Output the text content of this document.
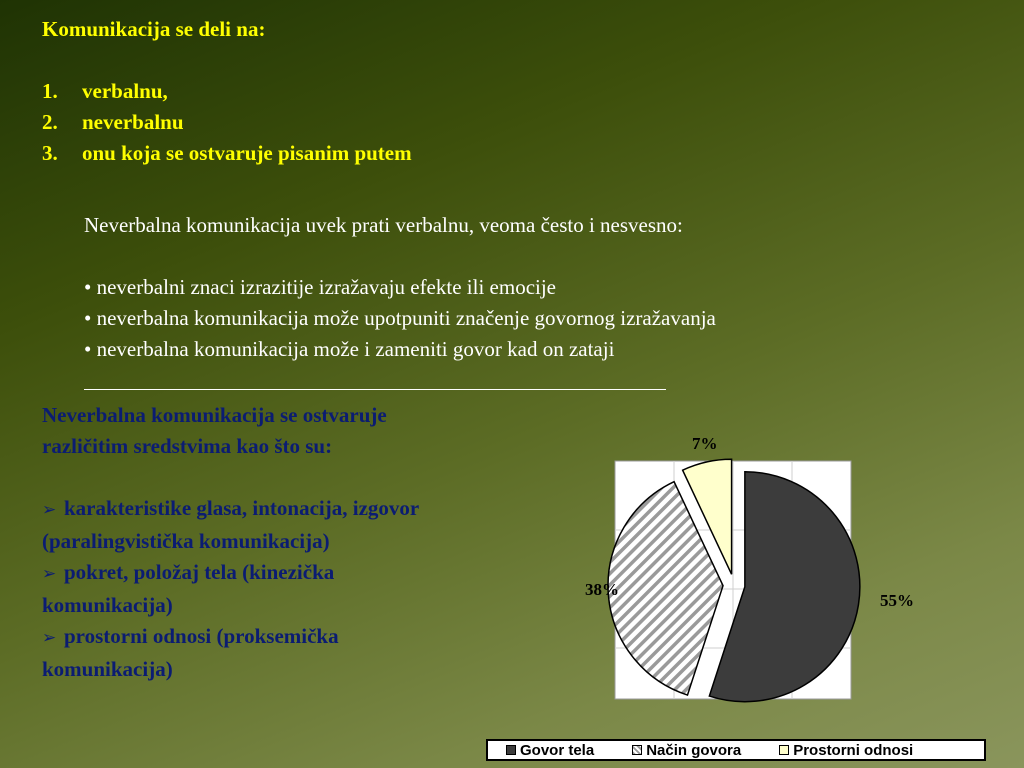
Komunikacija se deli na:

1. verbalnu,
2. neverbalnu
3. onu koja se ostvaruje pisanim putem

Neverbalna komunikacija uvek prati verbalnu, veoma često i nesvesno:

• neverbalni znaci izrazitije izražavaju efekte ili emocije
• neverbalna komunikacija može upotpuniti značenje govornog izražavanja
• neverbalna komunikacija može i zameniti govor kad on zataji

Neverbalna komunikacija se ostvaruje

različitim sredstvima kao što su:

➢ karakteristike glasa, intonacija, izgovor
(paralingvistička komunikacija)
➢ pokret, položaj tela (kinezička
komunikacija)
➢ prostorni odnosi (proksemička
komunikacija)
55%
38%
7%
Govor tela	Način govora	Prostorni odnosi
